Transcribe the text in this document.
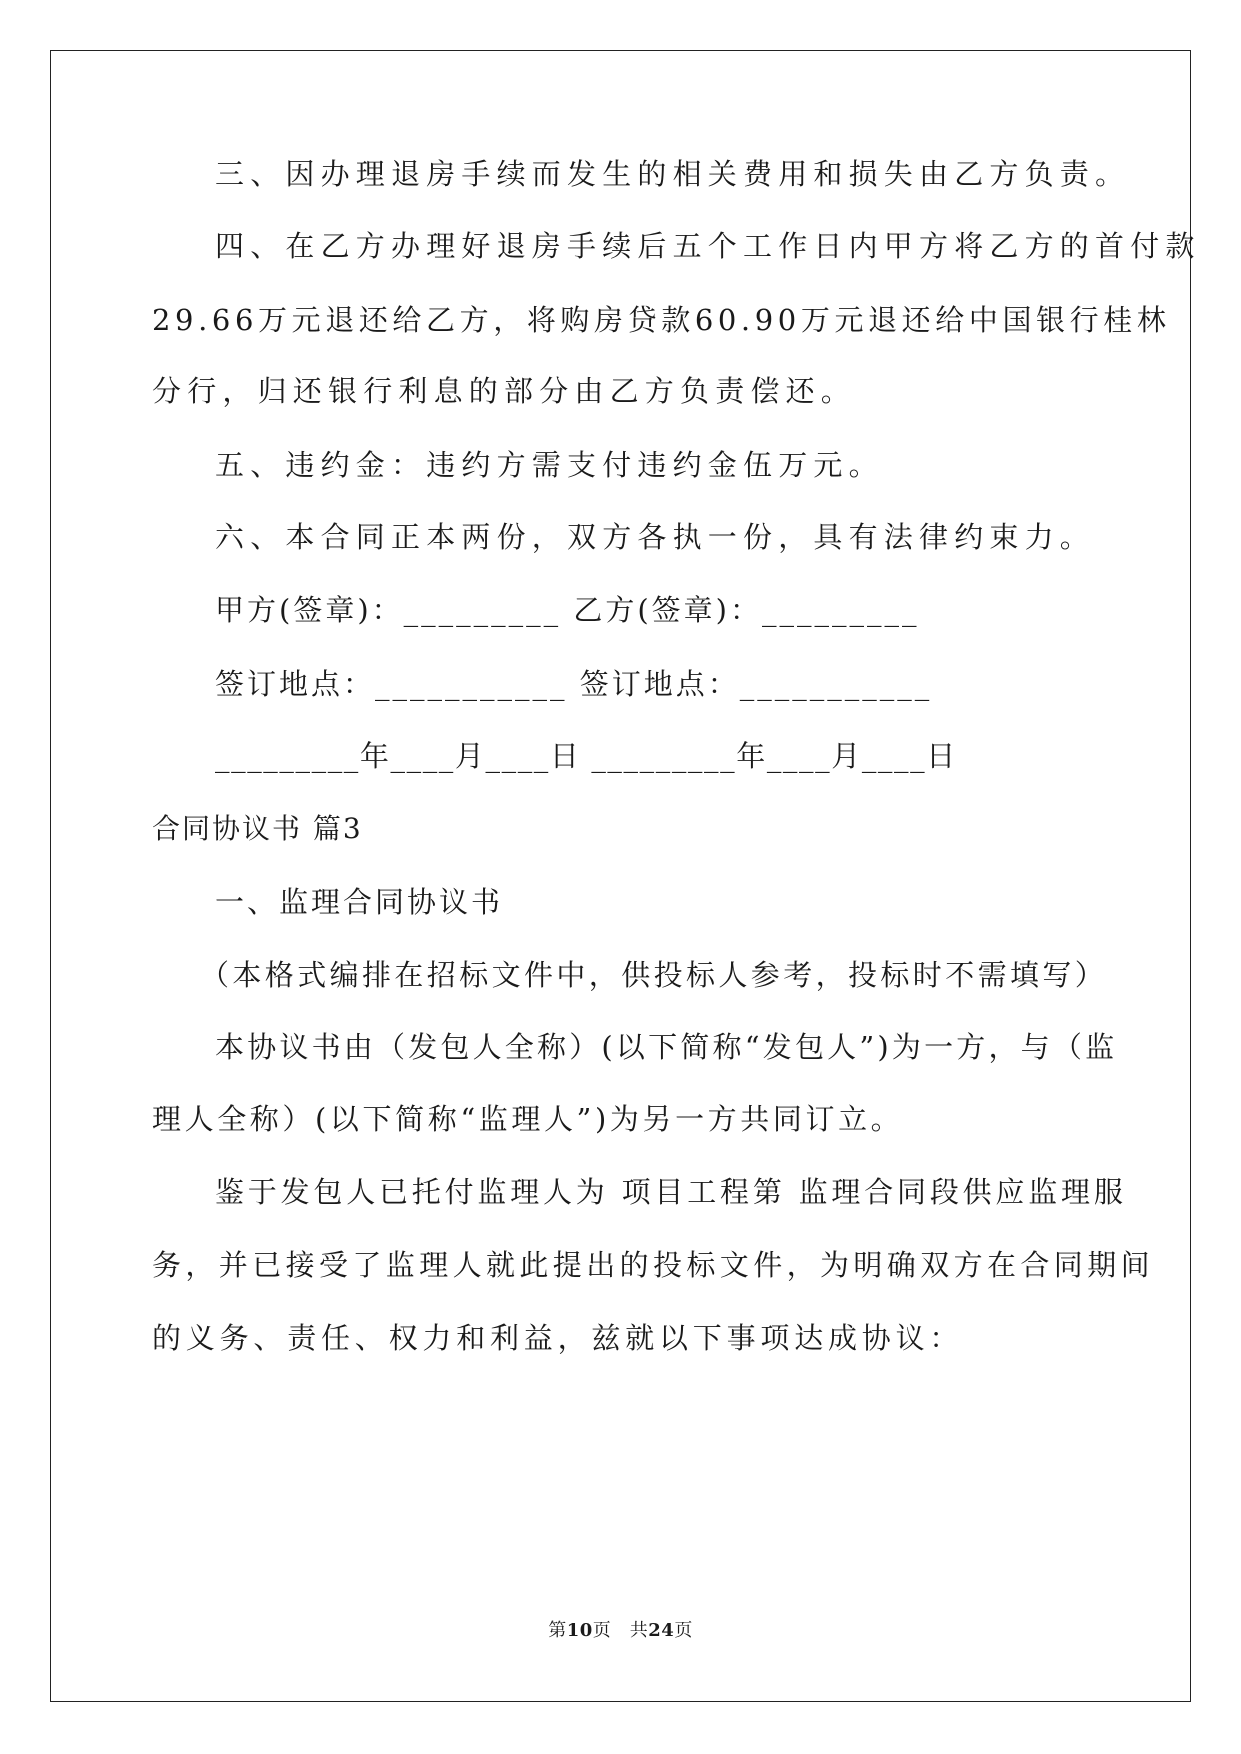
三、因办理退房手续而发生的相关费用和损失由乙方负责。
四、在乙方办理好退房手续后五个工作日内甲方将乙方的首付款
29.66万元退还给乙方，将购房贷款60.90万元退还给中国银行桂林
分行，归还银行利息的部分由乙方负责偿还。
五、违约金：违约方需支付违约金伍万元。
六、本合同正本两份，双方各执一份，具有法律约束力。
甲方(签章)：_________ 乙方(签章)：_________
签订地点：___________ 签订地点：___________
_________年____月____日 _________年____月____日
合同协议书 篇3
一、监理合同协议书
（本格式编排在招标文件中，供投标人参考，投标时不需填写）
本协议书由（发包人全称）(以下简称“发包人”)为一方，与（监
理人全称）(以下简称“监理人”)为另一方共同订立。
鉴于发包人已托付监理人为 项目工程第 监理合同段供应监理服
务，并已接受了监理人就此提出的投标文件，为明确双方在合同期间
的义务、责任、权力和利益，兹就以下事项达成协议：
第10页　共24页
